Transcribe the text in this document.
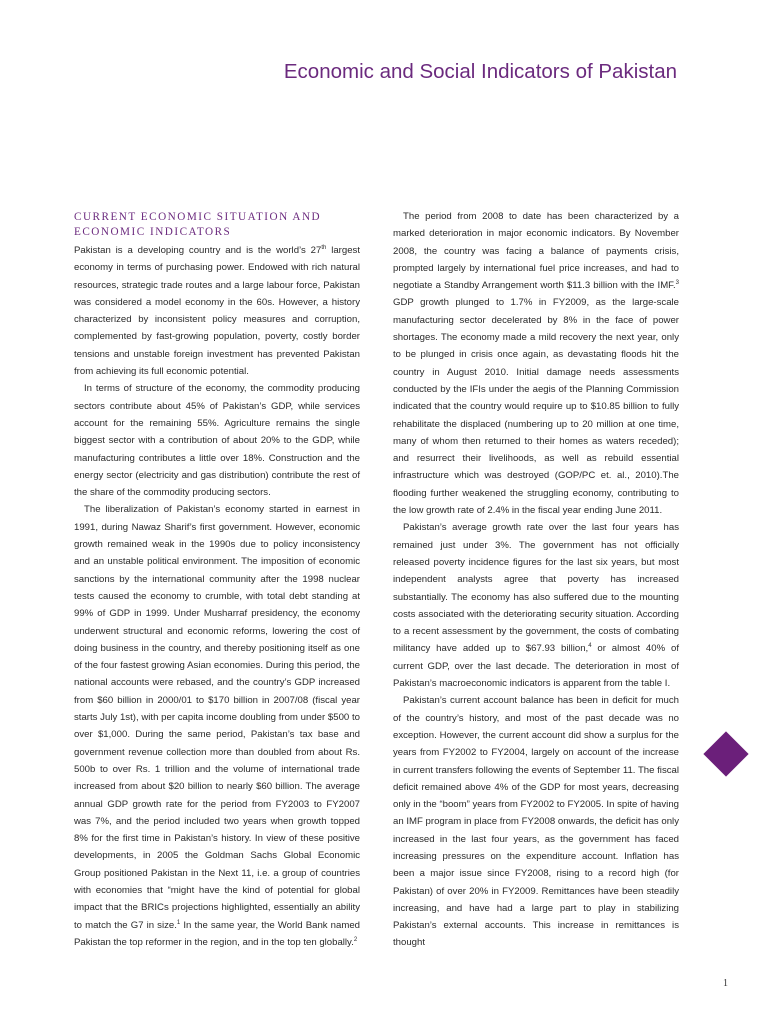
Economic and Social Indicators of Pakistan
CURRENT ECONOMIC SITUATION AND ECONOMIC INDICATORS

Pakistan is a developing country and is the world’s 27th largest economy in terms of purchasing power. Endowed with rich natural resources, strategic trade routes and a large labour force, Pakistan was considered a model economy in the 60s. However, a history characterized by inconsistent policy measures and corruption, complemented by fast-growing population, poverty, costly border tensions and unstable foreign investment has prevented Pakistan from achieving its full economic potential.

In terms of structure of the economy, the commodity producing sectors contribute about 45% of Pakistan’s GDP, while services account for the remaining 55%. Agriculture remains the single biggest sector with a contribution of about 20% to the GDP, while manufacturing contributes a little over 18%. Construction and the energy sector (electricity and gas distribution) contribute the rest of the share of the commodity producing sectors.

The liberalization of Pakistan’s economy started in earnest in 1991, during Nawaz Sharif’s first government. However, economic growth remained weak in the 1990s due to policy inconsistency and an unstable political environment. The imposition of economic sanctions by the international community after the 1998 nuclear tests caused the economy to crumble, with total debt standing at 99% of GDP in 1999. Under Musharraf presidency, the economy underwent structural and economic reforms, lowering the cost of doing business in the country, and thereby positioning itself as one of the four fastest growing Asian economies. During this period, the national accounts were rebased, and the country’s GDP increased from $60 billion in 2000/01 to $170 billion in 2007/08 (fiscal year starts July 1st), with per capita income doubling from under $500 to over $1,000. During the same period, Pakistan’s tax base and government revenue collection more than doubled from about Rs. 500b to over Rs. 1 trillion and the volume of international trade increased from about $20 billion to nearly $60 billion. The average annual GDP growth rate for the period from FY2003 to FY2007 was 7%, and the period included two years when growth topped 8% for the first time in Pakistan’s history. In view of these positive developments, in 2005 the Goldman Sachs Global Economic Group positioned Pakistan in the Next 11, i.e. a group of countries with economies that “might have the kind of potential for global impact that the BRICs projections highlighted, essentially an ability to match the G7 in size.$^1$ In the same year, the World Bank named Pakistan the top reformer in the region, and in the top ten globally.$^2$

The period from 2008 to date has been characterized by a marked deterioration in major economic indicators. By November 2008, the country was facing a balance of payments crisis, prompted largely by international fuel price increases, and had to negotiate a Standby Arrangement worth $11.3 billion with the IMF.$^3$ GDP growth plunged to 1.7% in FY2009, as the large-scale manufacturing sector decelerated by 8% in the face of power shortages. The economy made a mild recovery the next year, only to be plunged in crisis once again, as devastating floods hit the country in August 2010. Initial damage needs assessments conducted by the IFIs under the aegis of the Planning Commission indicated that the country would require up to $10.85 billion to fully rehabilitate the displaced (numbering up to 20 million at one time, many of whom then returned to their homes as waters receded); and resurrect their livelihoods, as well as rebuild essential infrastructure which was destroyed (GOP/PC et. al., 2010).The flooding further weakened the struggling economy, contributing to the low growth rate of 2.4% in the fiscal year ending June 2011.

Pakistan’s average growth rate over the last four years has remained just under 3%. The government has not officially released poverty incidence figures for the last six years, but most independent analysts agree that poverty has increased substantially. The economy has also suffered due to the mounting costs associated with the deteriorating security situation. According to a recent assessment by the government, the costs of combating militancy have added up to $67.93 billion,$^4$ or almost 40% of current GDP, over the last decade. The deterioration in most of Pakistan’s macroeconomic indicators is apparent from the table I.

Pakistan’s current account balance has been in deficit for much of the country’s history, and most of the past decade was no exception. However, the current account did show a surplus for the years from FY2002 to FY2004, largely on account of the increase in current transfers following the events of September 11. The fiscal deficit remained above 4% of the GDP for most years, decreasing only in the “boom” years from FY2002 to FY2005. In spite of having an IMF program in place from FY2008 onwards, the deficit has only increased in the last four years, as the government has faced increasing pressures on the expenditure account. Inflation has been a major issue since FY2008, rising to a record high (for Pakistan) of over 20% in FY2009. Remittances have been steadily increasing, and have had a large part to play in stabilizing Pakistan’s external accounts. This increase in remittances is thought

1
